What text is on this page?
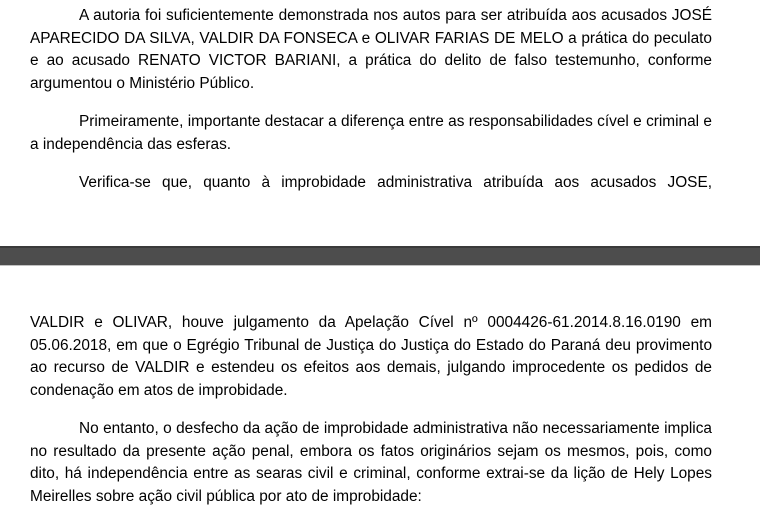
A autoria foi suficientemente demonstrada nos autos para ser atribuída aos acusados JOSÉ APARECIDO DA SILVA, VALDIR DA FONSECA e OLIVAR FARIAS DE MELO a prática do peculato e ao acusado RENATO VICTOR BARIANI, a prática do delito de falso testemunho, conforme argumentou o Ministério Público.

Primeiramente, importante destacar a diferença entre as responsabilidades cível e criminal e a independência das esferas.

Verifica-se que, quanto à improbidade administrativa atribuída aos acusados JOSE,

VALDIR e OLIVAR, houve julgamento da Apelação Cível nº 0004426-61.2014.8.16.0190 em 05.06.2018, em que o Egrégio Tribunal de Justiça do Justiça do Estado do Paraná deu provimento ao recurso de VALDIR e estendeu os efeitos aos demais, julgando improcedente os pedidos de condenação em atos de improbidade.

No entanto, o desfecho da ação de improbidade administrativa não necessariamente implica no resultado da presente ação penal, embora os fatos originários sejam os mesmos, pois, como dito, há independência entre as searas civil e criminal, conforme extrai-se da lição de Hely Lopes Meirelles sobre ação civil pública por ato de improbidade:
